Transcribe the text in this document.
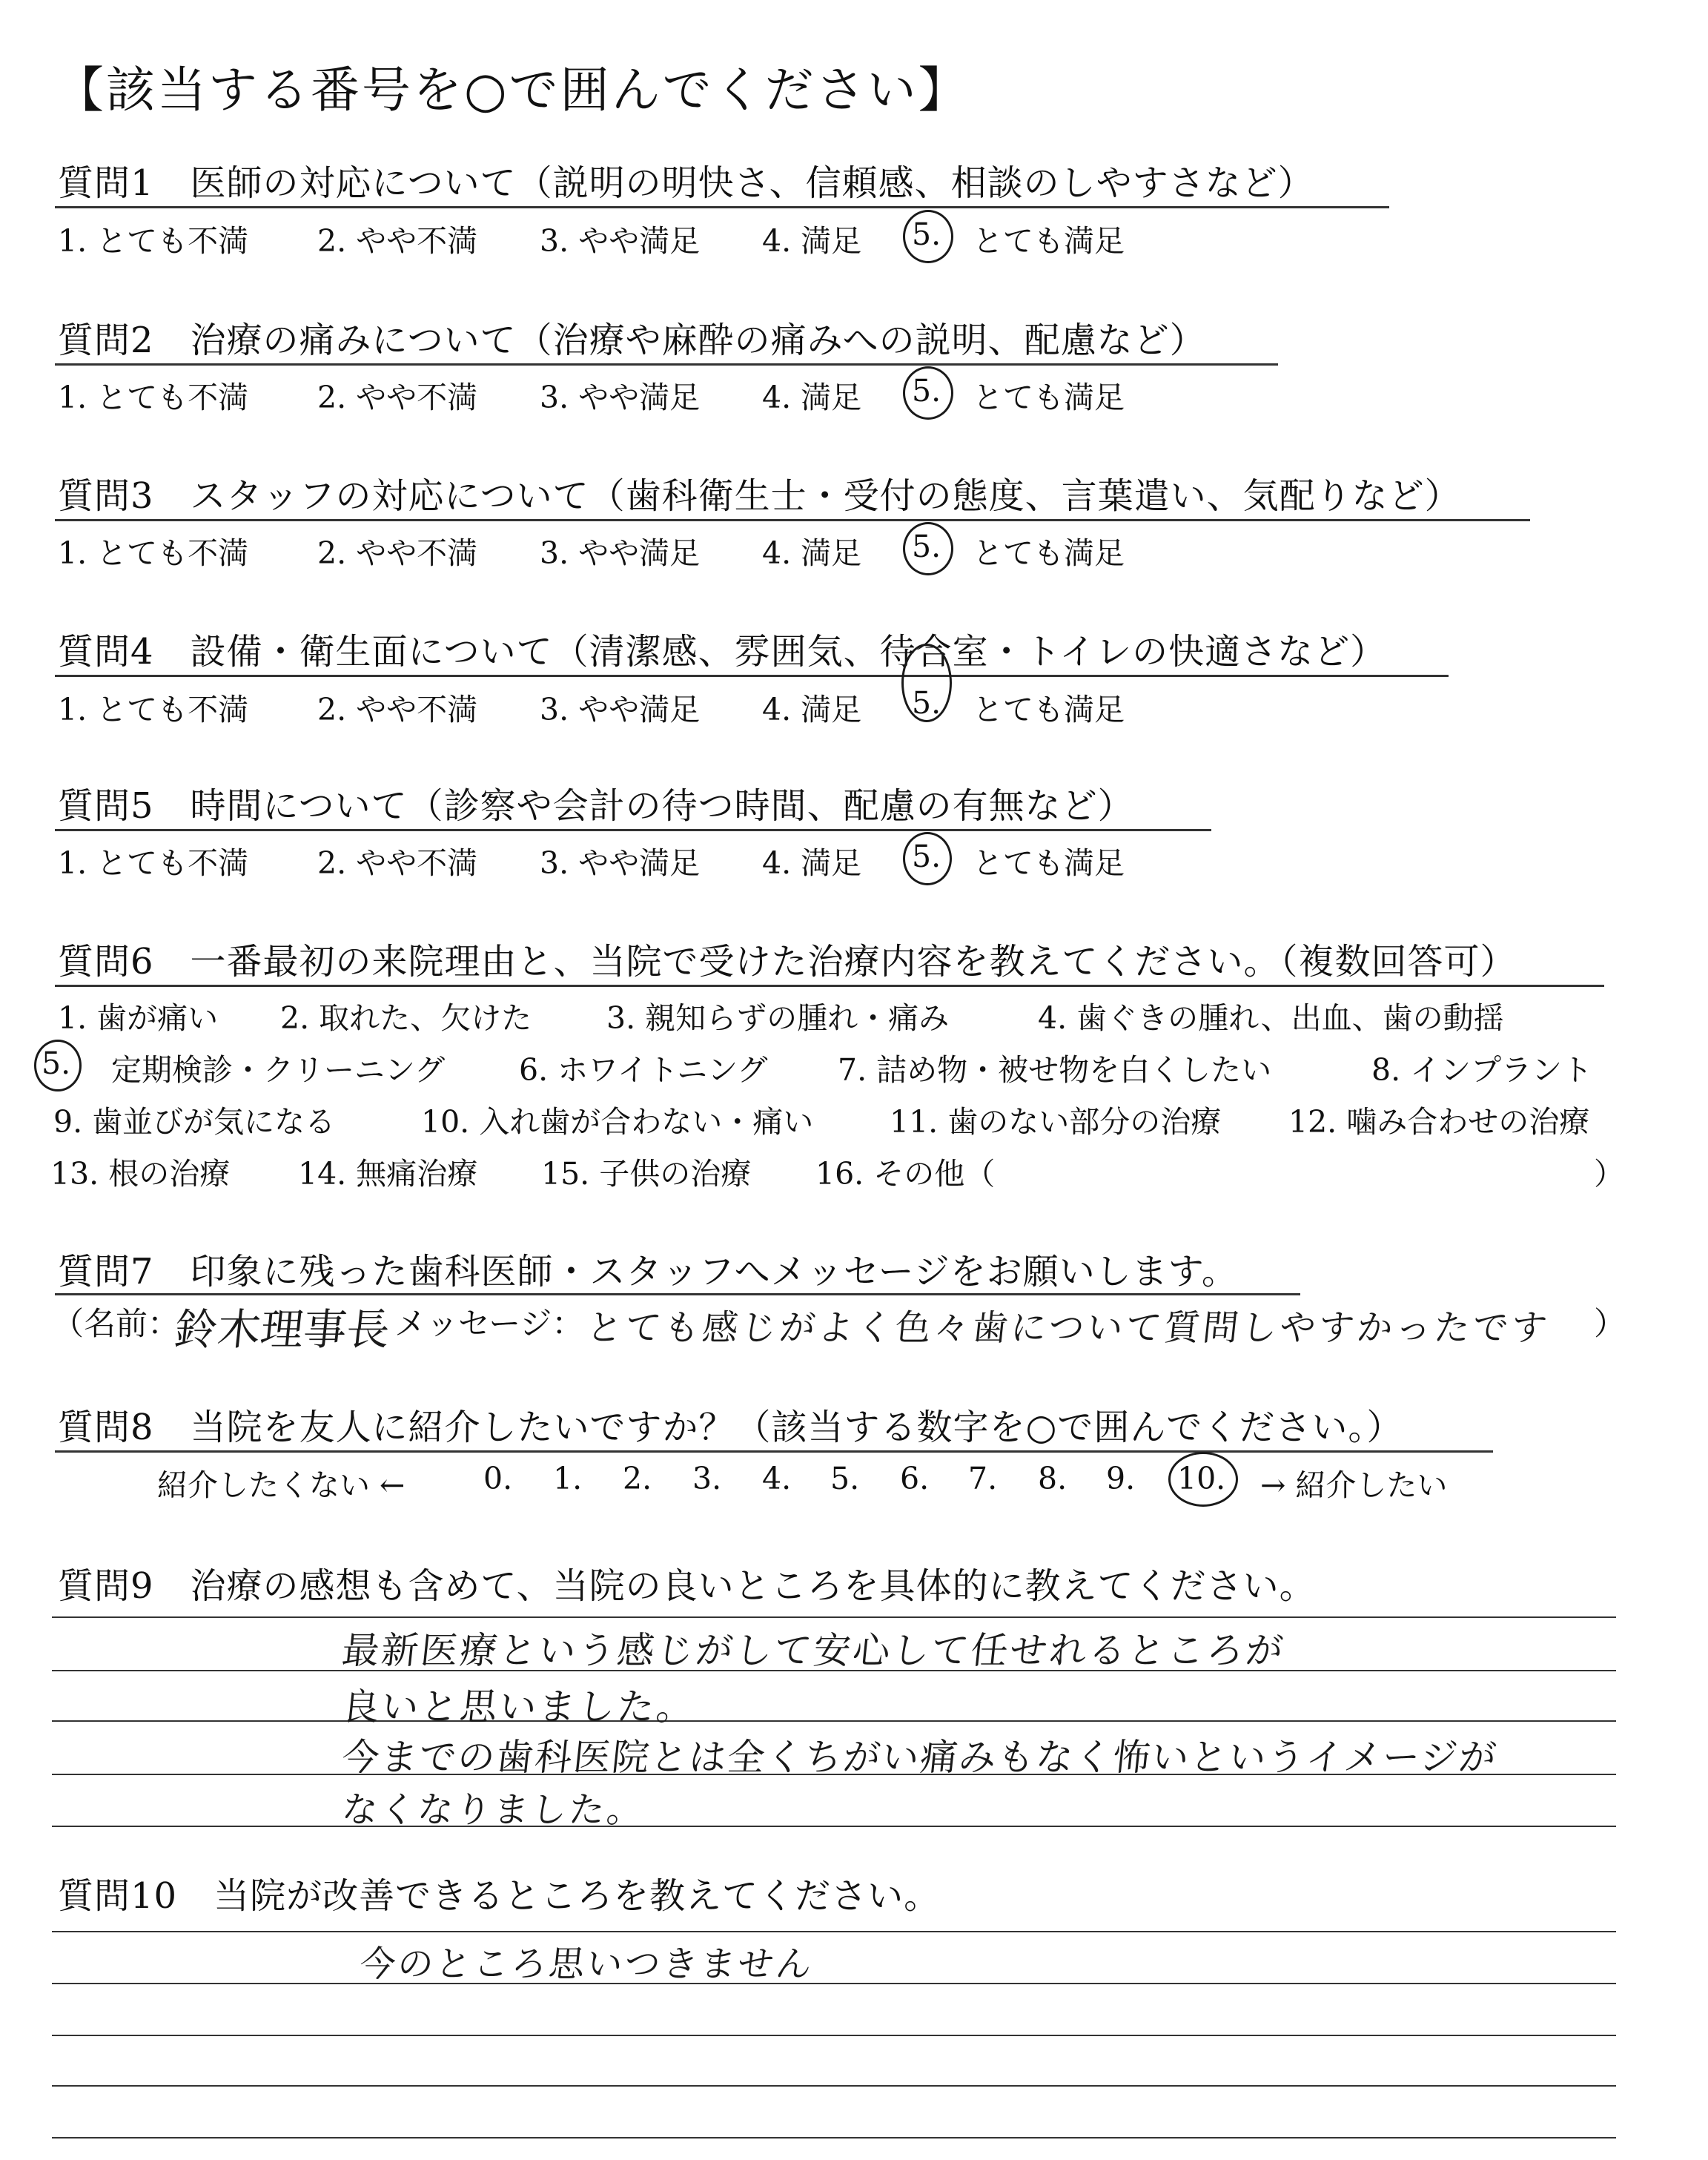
【該当する番号を○で囲んでください】
質問1　医師の対応について（説明の明快さ、信頼感、相談のしやすさなど）
1. とても不満 2. やや不満 3. やや満足 4. 満足 5. とても満足
質問2　治療の痛みについて（治療や麻酔の痛みへの説明、配慮など）
1. とても不満 2. やや不満 3. やや満足 4. 満足 5. とても満足
質問3　スタッフの対応について（歯科衛生士・受付の態度、言葉遣い、気配りなど）
1. とても不満 2. やや不満 3. やや満足 4. 満足 5. とても満足
質問4　設備・衛生面について（清潔感、雰囲気、待合室・トイレの快適さなど）
1. とても不満 2. やや不満 3. やや満足 4. 満足 5. とても満足
質問5　時間について（診察や会計の待つ時間、配慮の有無など）
1. とても不満 2. やや不満 3. やや満足 4. 満足 5. とても満足
質問6　一番最初の来院理由と、当院で受けた治療内容を教えてください。（複数回答可）
1. 歯が痛い 2. 取れた、欠けた 3. 親知らずの腫れ・痛み	4. 歯ぐきの腫れ、出血、歯の動揺
5. 定期検診・クリーニング 6. ホワイトニング 7. 詰め物・被せ物を白くしたい	8. インプラント
9. 歯並びが気になる	10. 入れ歯が合わない・痛い	11. 歯のない部分の治療 12. 噛み合わせの治療
13. 根の治療 14. 無痛治療 15. 子供の治療 16. その他（	）
質問7　印象に残った歯科医師・スタッフへメッセージをお願いします。
（名前：
鈴木理事長 メッセージ： とても感じがよく色々歯について質問しやすかったです ）
質問8　当院を友人に紹介したいですか？（該当する数字を○で囲んでください。）
紹介したくない ←	0. 1. 2. 3. 4. 5. 6. 7. 8. 9. 10. → 紹介したい
質問9　治療の感想も含めて、当院の良いところを具体的に教えてください。
最新医療という感じがして安心して任せれるところが
良いと思いました。
今までの歯科医院とは全くちがい痛みもなく怖いというイメージが
なくなりました。
質問10　当院が改善できるところを教えてください。
今のところ思いつきません
